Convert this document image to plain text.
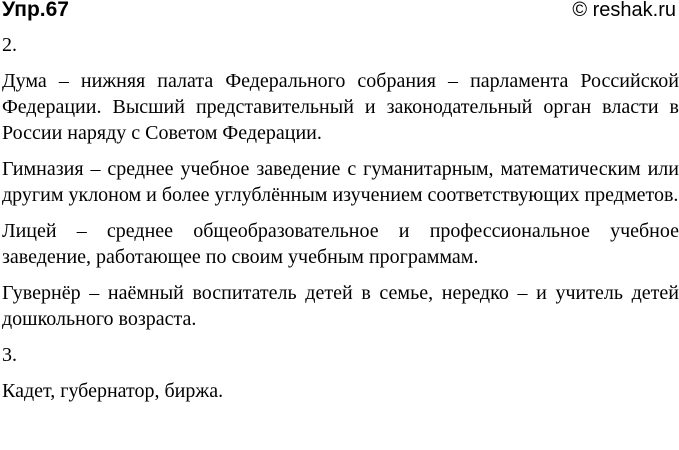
Упр.67	© reshak.ru
2.

Дума – нижняя палата Федерального собрания – парламента Российской Федерации. Высший представительный и законодательный орган власти в России наряду с Советом Федерации.

Гимназия – среднее учебное заведение с гуманитарным, математическим или другим уклоном и более углублённым изучением соответствующих предметов.

Лицей – среднее общеобразовательное и профессиональное учебное заведение, работающее по своим учебным программам.

Гувернёр – наёмный воспитатель детей в семье, нередко – и учитель детей дошкольного возраста.

3.

Кадет, губернатор, биржа.
